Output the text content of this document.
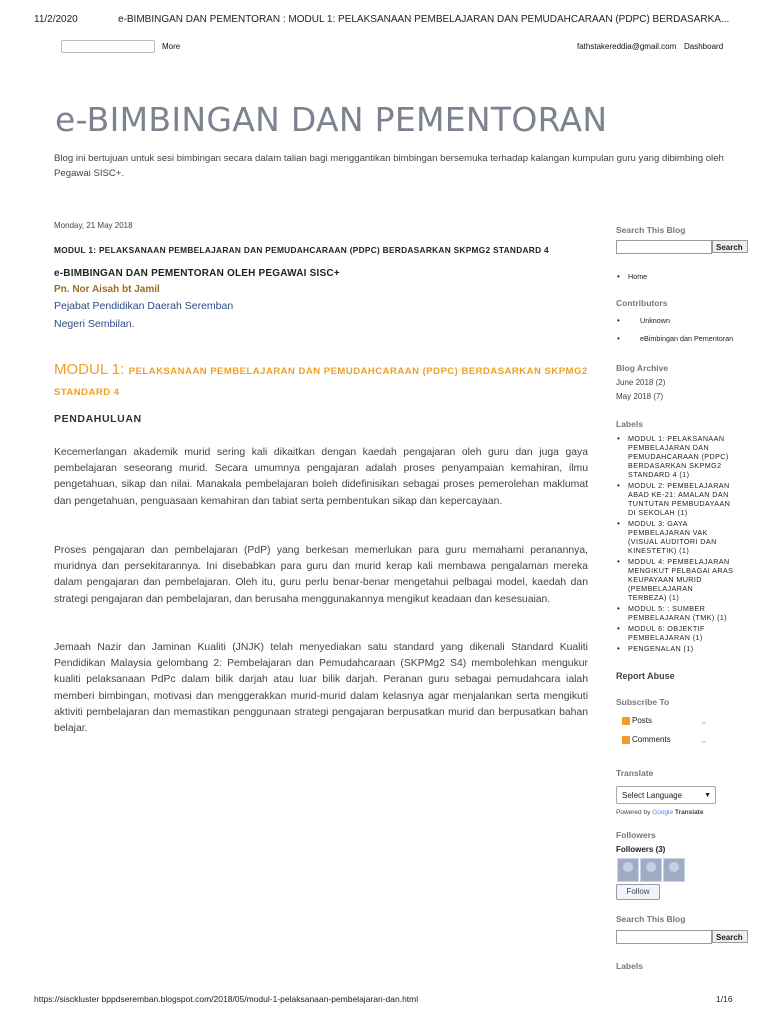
11/2/2020	e-BIMBINGAN DAN PEMENTORAN : MODUL 1: PELAKSANAAN PEMBELAJARAN DAN PEMUDAHCARAAN (PDPC) BERDASARKA...
More	fathstakereddia@gmail.com Dashboard
e-BIMBINGAN DAN PEMENTORAN
Blog ini bertujuan untuk sesi bimbingan secara dalam talian bagi menggantikan bimbingan bersemuka terhadap kalangan kumpulan guru yang dibimbing oleh Pegawai SISC+.
Monday, 21 May 2018
MODUL 1: PELAKSANAAN PEMBELAJARAN DAN PEMUDAHCARAAN (PDPC) BERDASARKAN SKPMG2 STANDARD 4
e-BIMBINGAN DAN PEMENTORAN OLEH PEGAWAI SISC+
Pn. Nor Aisah bt Jamil
Pejabat Pendidikan Daerah Seremban
Negeri Sembilan.
MODUL 1: PELAKSANAAN PEMBELAJARAN DAN PEMUDAHCARAAN (PDPC) BERDASARKAN SKPMG2 STANDARD 4
PENDAHULUAN
Kecemerlangan akademik murid sering kali dikaitkan dengan kaedah pengajaran oleh guru dan juga gaya pembelajaran seseorang murid. Secara umumnya pengajaran adalah proses penyampaian kemahiran, ilmu pengetahuan, sikap dan nilai. Manakala pembelajaran boleh didefinisikan sebagai proses pemerolehan maklumat dan pengetahuan, penguasaan kemahiran dan tabiat serta pembentukan sikap dan kepercayaan.
Proses pengajaran dan pembelajaran (PdP) yang berkesan memerlukan para guru memahami peranannya, muridnya dan persekitarannya. Ini disebabkan para guru dan murid kerap kali membawa pengalaman mereka dalam pengajaran dan pembelajaran. Oleh itu, guru perlu benar-benar mengetahui pelbagai model, kaedah dan strategi pengajaran dan pembelajaran, dan berusaha menggunakannya mengikut keadaan dan kesesuaian.
Jemaah Nazir dan Jaminan Kualiti (JNJK) telah menyediakan satu standard yang dikenali Standard Kualiti Pendidikan Malaysia gelombang 2: Pembelajaran dan Pemudahcaraan (SKPMg2 S4) membolehkan mengukur kualiti pelaksanaan PdPc dalam bilik darjah atau luar bilik darjah. Peranan guru sebagai pemudahcara ialah memberi bimbingan, motivasi dan menggerakkan murid-murid dalam kelasnya agar menjalankan serta mengikuti aktiviti pembelajaran dan memastikan penggunaan strategi pengajaran berpusatkan murid dan berpusatkan bahan belajar.
Search This Blog
Search
• Home
Contributors
• Unknown
• eBimbingan dan Pementoran
Blog Archive
June 2018 (2)
May 2018 (7)
Labels
• MODUL 1: PELAKSANAAN PEMBELAJARAN DAN PEMUDAHCARAAN (PDPC) BERDASARKAN SKPMG2 STANDARD 4 (1)
• MODUL 2: PEMBELAJARAN ABAD KE-21: AMALAN DAN TUNTUTAN PEMBUDAYAAN DI SEKOLAH (1)
• MODUL 3: GAYA PEMBELAJARAN VAK (VISUAL AUDITORI DAN KINESTETIK) (1)
• MODUL 4: PEMBELAJARAN MENGIKUT PELBAGAI ARAS KEUPAYAAN MURID (PEMBELAJARAN TERBEZA) (1)
• MODUL 5: : SUMBER PEMBELAJARAN (TMK) (1)
• MODUL 6: OBJEKTIF PEMBELAJARAN (1)
• PENGENALAN (1)
Report Abuse
Subscribe To
Posts	⌄
Comments	⌄
Translate
Select Language	▼
Powered by Google Translate
Followers
Followers (3)
Follow
Search This Blog
Search
Labels
https://sisckluster bppdseremban.blogspot.com/2018/05/modul-1-pelaksanaan-pembelajaran-dan.html	1/16
